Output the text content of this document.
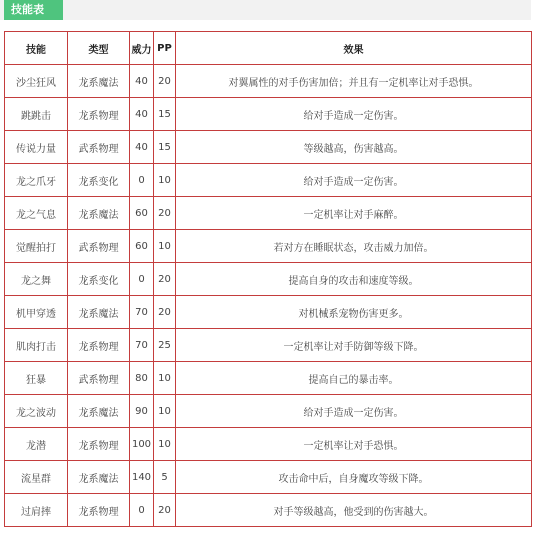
技能表
技能	类型	威力	PP	效果
沙尘狂风	龙系魔法	40	20	对翼属性的对手伤害加倍；并且有一定机率让对手恐惧。
跳跳击	龙系物理	40	15	给对手造成一定伤害。
传说力量	武系物理	40	15	等级越高，伤害越高。
龙之爪牙	龙系变化	0	10	给对手造成一定伤害。
龙之气息	龙系魔法	60	20	一定机率让对手麻醉。
觉醒拍打	武系物理	60	10	若对方在睡眠状态，攻击威力加倍。
龙之舞	龙系变化	0	20	提高自身的攻击和速度等级。
机甲穿透	龙系魔法	70	20	对机械系宠物伤害更多。
肌肉打击	龙系物理	70	25	一定机率让对手防御等级下降。
狂暴	武系物理	80	10	提高自己的暴击率。
龙之波动	龙系魔法	90	10	给对手造成一定伤害。
龙潜	龙系物理	100	10	一定机率让对手恐惧。
流星群	龙系魔法	140	5	攻击命中后，自身魔攻等级下降。
过肩摔	龙系物理	0	20	对手等级越高，他受到的伤害越大。
